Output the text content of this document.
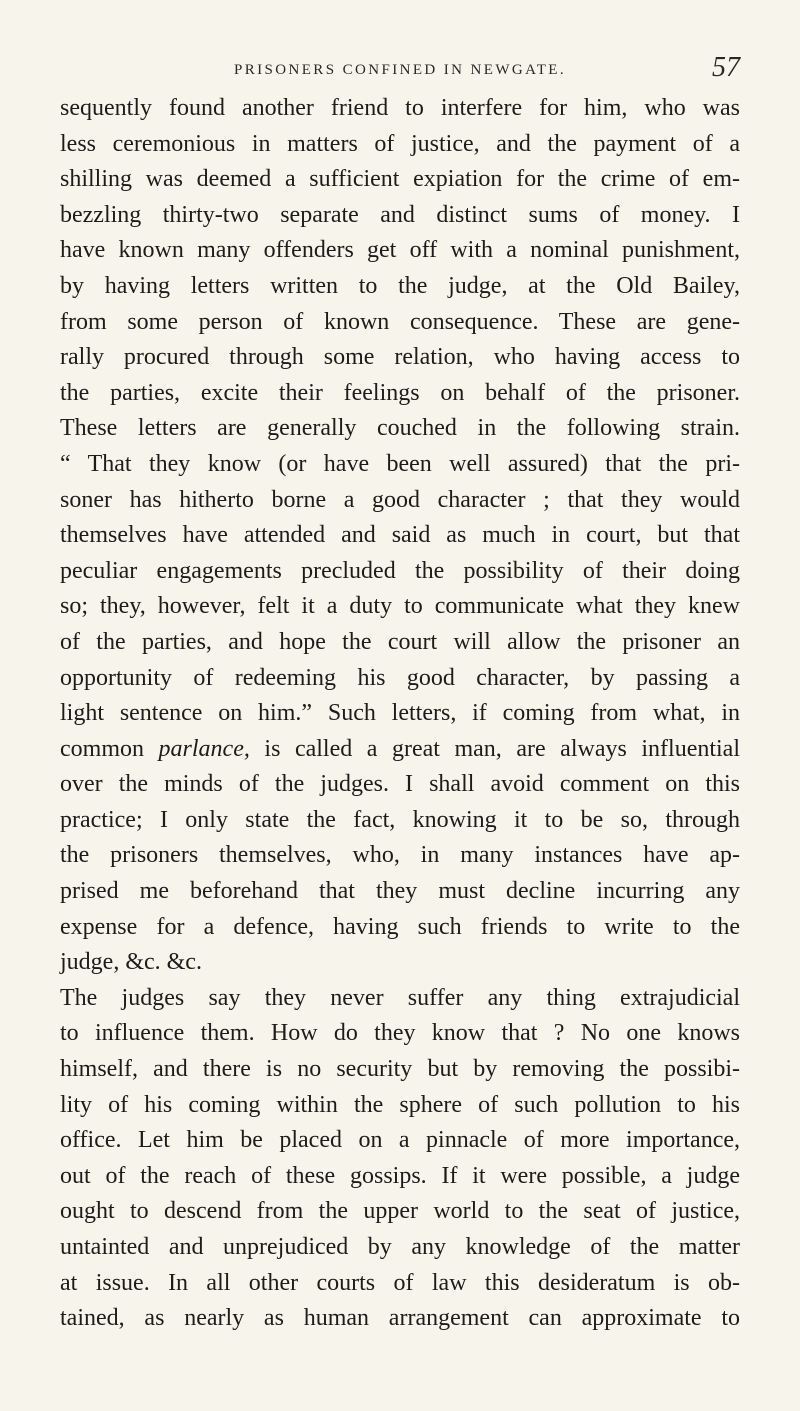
PRISONERS CONFINED IN NEWGATE.	57
sequently found another friend to interfere for him, who was
less ceremonious in matters of justice, and the payment of a
shilling was deemed a sufficient expiation for the crime of em-
bezzling thirty-two separate and distinct sums of money. I
have known many offenders get off with a nominal punishment,
by having letters written to the judge, at the Old Bailey,
from some person of known consequence. These are gene-
rally procured through some relation, who having access to
the parties, excite their feelings on behalf of the prisoner.
These letters are generally couched in the following strain.
“ That they know (or have been well assured) that the pri-
soner has hitherto borne a good character ; that they would
themselves have attended and said as much in court, but that
peculiar engagements precluded the possibility of their doing
so; they, however, felt it a duty to communicate what they knew
of the parties, and hope the court will allow the prisoner an
opportunity of redeeming his good character, by passing a
light sentence on him.” Such letters, if coming from what, in
common parlance, is called a great man, are always influential
over the minds of the judges. I shall avoid comment on this
practice; I only state the fact, knowing it to be so, through
the prisoners themselves, who, in many instances have ap-
prised me beforehand that they must decline incurring any
expense for a defence, having such friends to write to the
judge, &c. &c.
The judges say they never suffer any thing extrajudicial
to influence them. How do they know that ? No one knows
himself, and there is no security but by removing the possibi-
lity of his coming within the sphere of such pollution to his
office. Let him be placed on a pinnacle of more importance,
out of the reach of these gossips. If it were possible, a judge
ought to descend from the upper world to the seat of justice,
untainted and unprejudiced by any knowledge of the matter
at issue. In all other courts of law this desideratum is ob-
tained, as nearly as human arrangement can approximate to
